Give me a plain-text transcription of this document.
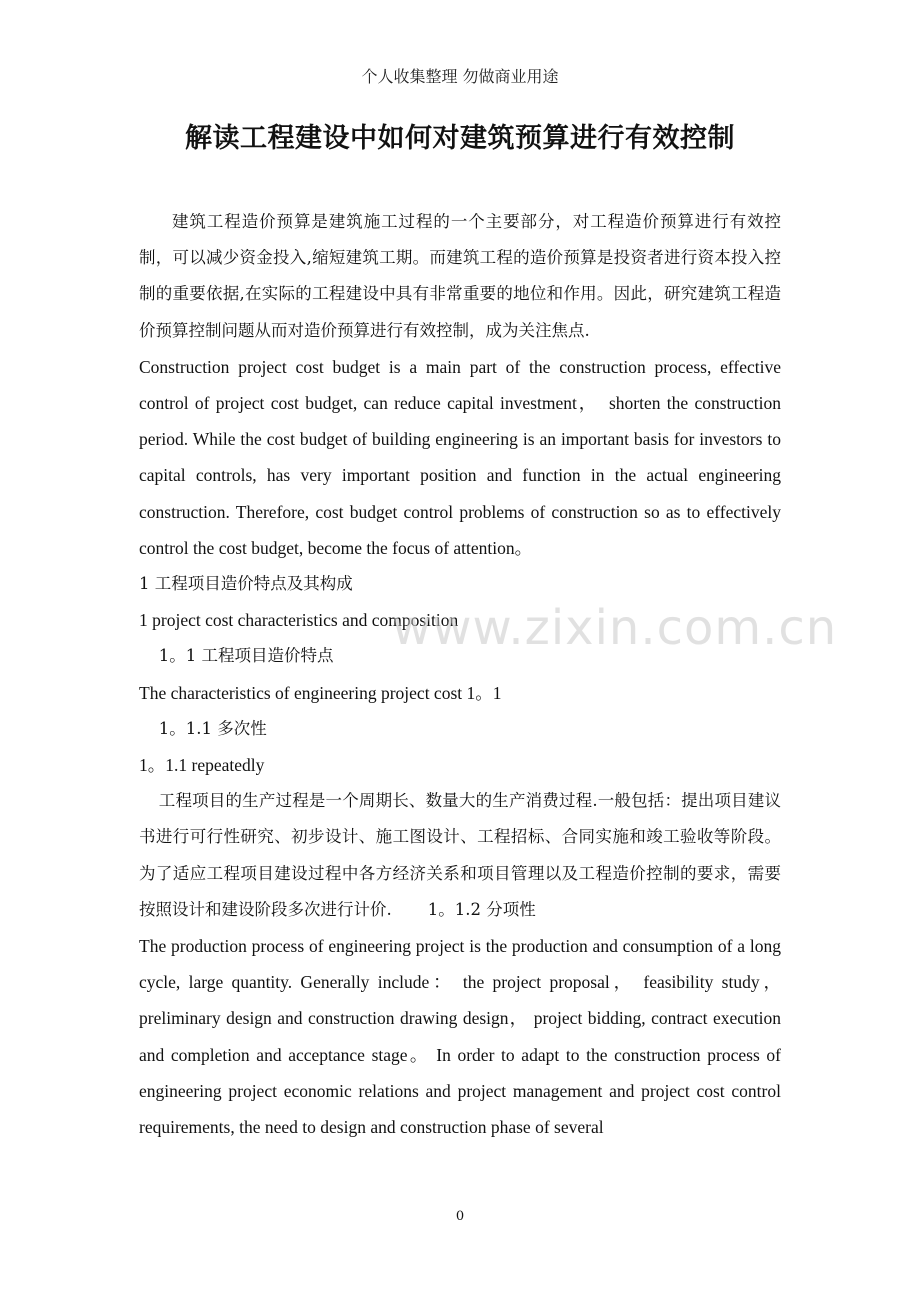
个人收集整理 勿做商业用途
解读工程建设中如何对建筑预算进行有效控制

建筑工程造价预算是建筑施工过程的一个主要部分，对工程造价预算进行有效控制，可以减少资金投入,缩短建筑工期。而建筑工程的造价预算是投资者进行资本投入控制的重要依据,在实际的工程建设中具有非常重要的地位和作用。因此，研究建筑工程造价预算控制问题从而对造价预算进行有效控制，成为关注焦点.

Construction project cost budget is a main part of the construction process, effective control of project cost budget, can reduce capital investment，　shorten the construction period. While the cost budget of building engineering is an important basis for investors to capital controls, has very important position and function in the actual engineering construction. Therefore, cost budget control problems of construction so as to effectively control the cost budget, become the focus of attention。

1 工程项目造价特点及其构成

1 project cost characteristics and composition

1。1 工程项目造价特点

The characteristics of engineering project cost 1。1

1。1.1 多次性

1。1.1 repeatedly

工程项目的生产过程是一个周期长、数量大的生产消费过程.一般包括：提出项目建议书进行可行性研究、初步设计、施工图设计、工程招标、合同实施和竣工验收等阶段。为了适应工程项目建设过程中各方经济关系和项目管理以及工程造价控制的要求，需要按照设计和建设阶段多次进行计价. 1。1.2 分项性

The production process of engineering project is the production and consumption of a long cycle, large quantity. Generally include： the project proposal， feasibility study，preliminary design and construction drawing design， project bidding, contract execution and completion and acceptance stage。 In order to adapt to the construction process of engineering project economic relations and project management and project cost control requirements, the need to design and construction phase of several

www.zixin.com.cn
0
